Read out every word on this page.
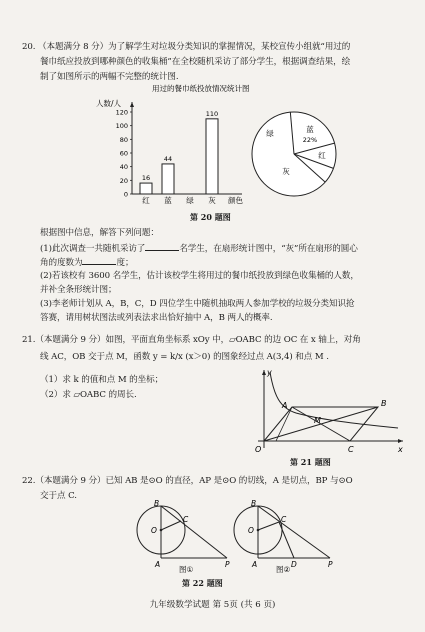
20. （本题满分 8 分）为了解学生对垃圾分类知识的掌握情况，某校宣传小组就“用过的
餐巾纸应投放到哪种颜色的收集桶”在全校随机采访了部分学生，根据调查结果，绘
制了如图所示的两幅不完整的统计图.
用过的餐巾纸投放情况统计图
人数/人
0
20
40
60
80
100
120
16
红
44
蓝 绿
110
灰 颜色
蓝
22%
绿
红
灰
第 20 题图
根据图中信息，解答下列问题：
(1)此次调查一共随机采访了	名学生，在扇形统计图中，“灰”所在扇形的圆心
角的度数为	度；
(2)若该校有 3600 名学生，估计该校学生将用过的餐巾纸投放到绿色收集桶的人数，
并补全条形统计图；
(3)李老师计划从 A，B，C，D 四位学生中随机抽取两人参加学校的垃圾分类知识抢
答赛，请用树状图法或列表法求出恰好抽中 A，B 两人的概率.
21.（本题满分 9 分）如图，平面直角坐标系 xOy 中，▱OABC 的边 OC 在 x 轴上，对角
线 AC，OB 交于点 M，函数 y = k/x (x＞0) 的图象经过点 A(3,4) 和点 M .
（1）求 k 的值和点 M 的坐标；
（2）求 ▱OABC 的周长.
y
x
O
A	B
C
M
第 21 题图
22.（本题满分 9 分）已知 AB 是⊙O 的直径，AP 是⊙O 的切线，A 是切点，BP 与⊙O
交于点 C.
B
O
C
A	P
图①
B
O
C
A	D	P
图②
第 22 题图
九年级数学试题 第 5页 (共 6 页)
